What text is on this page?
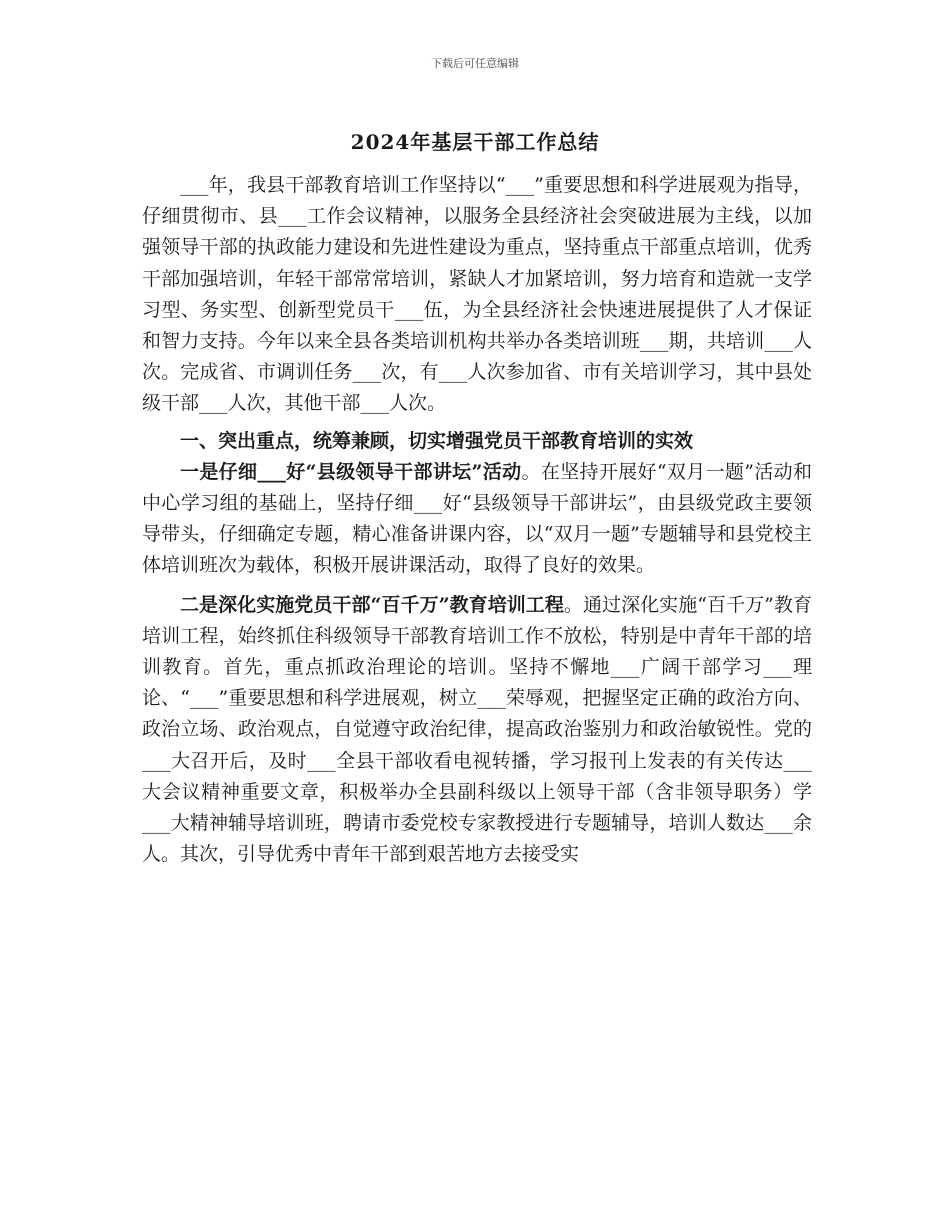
下载后可任意编辑
2024年基层干部工作总结

___年，我县干部教育培训工作坚持以“___”重要思想和科学进展观为指导，仔细贯彻市、县___工作会议精神，以服务全县经济社会突破进展为主线，以加强领导干部的执政能力建设和先进性建设为重点，坚持重点干部重点培训，优秀干部加强培训，年轻干部常常培训，紧缺人才加紧培训，努力培育和造就一支学习型、务实型、创新型党员干___伍，为全县经济社会快速进展提供了人才保证和智力支持。今年以来全县各类培训机构共举办各类培训班___期，共培训___人次。完成省、市调训任务___次，有___人次参加省、市有关培训学习，其中县处级干部___人次，其他干部___人次。

一、突出重点，统筹兼顾，切实增强党员干部教育培训的实效

一是仔细___好“县级领导干部讲坛”活动。在坚持开展好“双月一题”活动和中心学习组的基础上，坚持仔细___好“县级领导干部讲坛”，由县级党政主要领导带头，仔细确定专题，精心准备讲课内容，以“双月一题”专题辅导和县党校主体培训班次为载体，积极开展讲课活动，取得了良好的效果。

二是深化实施党员干部“百千万”教育培训工程。通过深化实施“百千万”教育培训工程，始终抓住科级领导干部教育培训工作不放松，特别是中青年干部的培训教育。首先，重点抓政治理论的培训。坚持不懈地___广阔干部学习___理论、“___”重要思想和科学进展观，树立___荣辱观，把握坚定正确的政治方向、政治立场、政治观点，自觉遵守政治纪律，提高政治鉴别力和政治敏锐性。党的___大召开后，及时___全县干部收看电视转播，学习报刊上发表的有关传达___大会议精神重要文章，积极举办全县副科级以上领导干部（含非领导职务）学___大精神辅导培训班，聘请市委党校专家教授进行专题辅导，培训人数达___余人。其次，引导优秀中青年干部到艰苦地方去接受实
